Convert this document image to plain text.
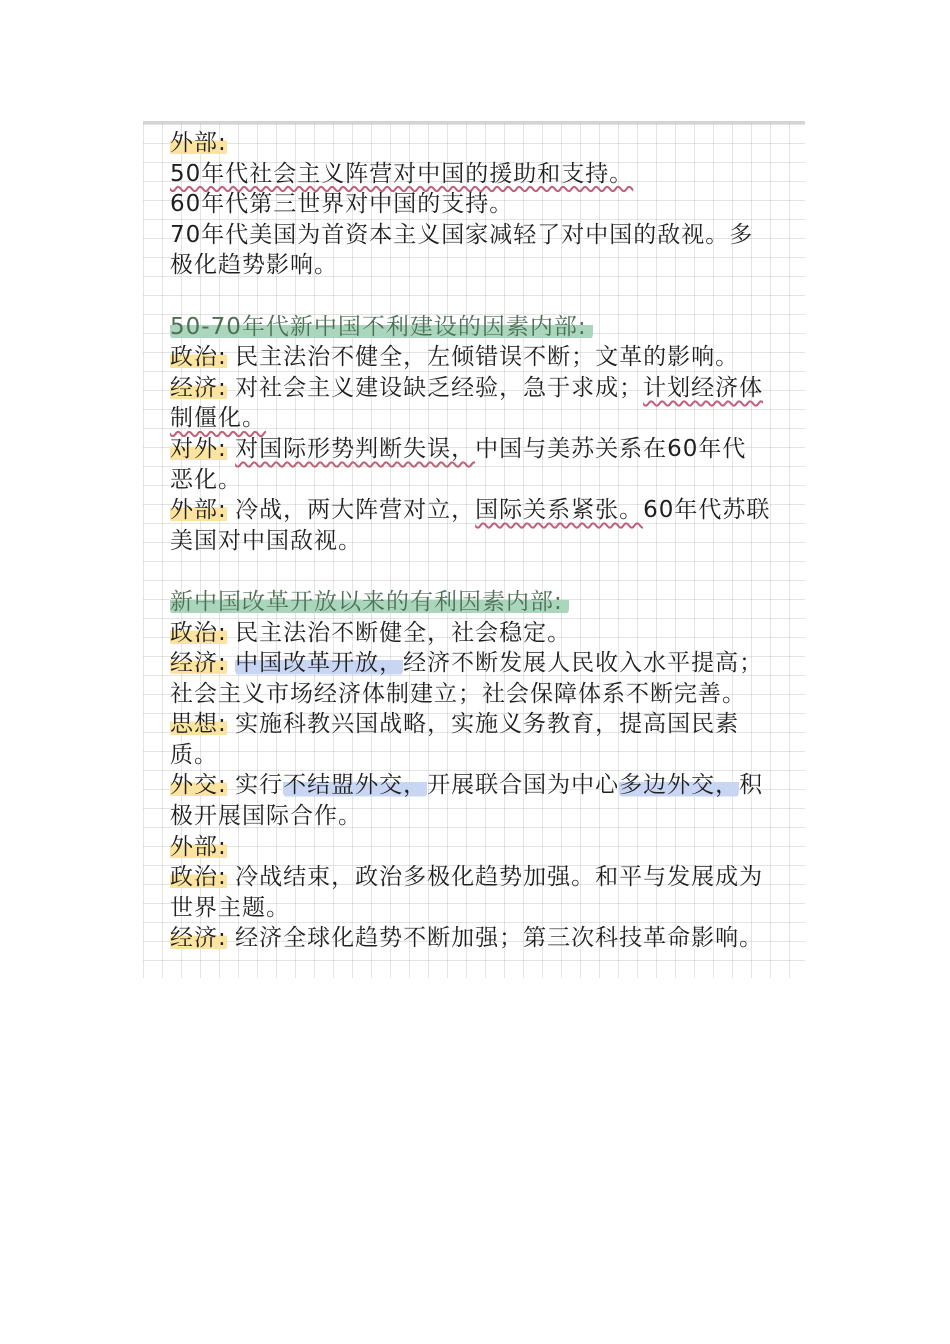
外部:
50年代社会主义阵营对中国的援助和支持。
60年代第三世界对中国的支持。
70年代美国为首资本主义国家减轻了对中国的敌视。多
极化趋势影响。
50-70年代新中国不利建设的因素内部:
政治: 民主法治不健全，左倾错误不断；文革的影响。
经济: 对社会主义建设缺乏经验，急于求成；计划经济体
制僵化。
对外: 对国际形势判断失误，中国与美苏关系在60年代
恶化。
外部: 冷战，两大阵营对立，国际关系紧张。60年代苏联
美国对中国敌视。
新中国改革开放以来的有利因素内部:
政治: 民主法治不断健全，社会稳定。
经济: 中国改革开放，经济不断发展人民收入水平提高；
社会主义市场经济体制建立；社会保障体系不断完善。
思想: 实施科教兴国战略，实施义务教育，提高国民素
质。
外交: 实行不结盟外交，开展联合国为中心多边外交，积
极开展国际合作。
外部:
政治: 冷战结束，政治多极化趋势加强。和平与发展成为
世界主题。
经济: 经济全球化趋势不断加强；第三次科技革命影响。
